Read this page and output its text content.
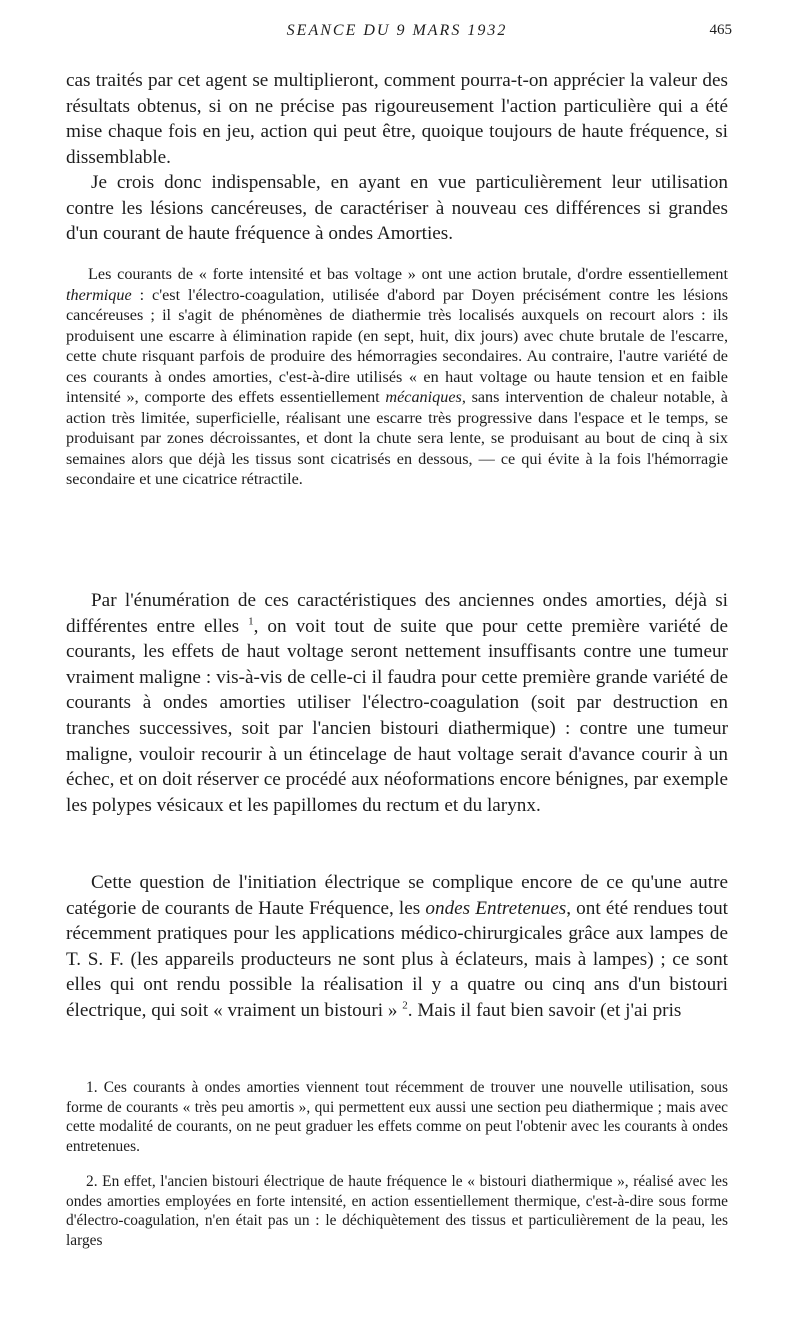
SEANCE DU 9 MARS 1932	465

cas traités par cet agent se multiplieront, comment pourra-t-on apprécier la valeur des résultats obtenus, si on ne précise pas rigoureusement l'action particulière qui a été mise chaque fois en jeu, action qui peut être, quoique toujours de haute fréquence, si dissemblable.

Je crois donc indispensable, en ayant en vue particulièrement leur utilisation contre les lésions cancéreuses, de caractériser à nouveau ces différences si grandes d'un courant de haute fréquence à ondes Amorties.

Les courants de « forte intensité et bas voltage » ont une action brutale, d'ordre essentiellement thermique : c'est l'électro-coagulation, utilisée d'abord par Doyen précisément contre les lésions cancéreuses ; il s'agit de phénomènes de diathermie très localisés auxquels on recourt alors : ils produisent une escarre à élimination rapide (en sept, huit, dix jours) avec chute brutale de l'escarre, cette chute risquant parfois de produire des hémorragies secondaires. Au contraire, l'autre variété de ces courants à ondes amorties, c'est-à-dire utilisés « en haut voltage ou haute tension et en faible intensité », comporte des effets essentiellement mécaniques, sans intervention de chaleur notable, à action très limitée, superficielle, réalisant une escarre très progressive dans l'espace et le temps, se produisant par zones décroissantes, et dont la chute sera lente, se produisant au bout de cinq à six semaines alors que déjà les tissus sont cicatrisés en dessous, — ce qui évite à la fois l'hémorragie secondaire et une cicatrice rétractile.

Par l'énumération de ces caractéristiques des anciennes ondes amorties, déjà si différentes entre elles $^1$, on voit tout de suite que pour cette première variété de courants, les effets de haut voltage seront nettement insuffisants contre une tumeur vraiment maligne : vis-à-vis de celle-ci il faudra pour cette première grande variété de courants à ondes amorties utiliser l'électro-coagulation (soit par destruction en tranches successives, soit par l'ancien bistouri diathermique) : contre une tumeur maligne, vouloir recourir à un étincelage de haut voltage serait d'avance courir à un échec, et on doit réserver ce procédé aux néoformations encore bénignes, par exemple les polypes vésicaux et les papillomes du rectum et du larynx.

Cette question de l'initiation électrique se complique encore de ce qu'une autre catégorie de courants de Haute Fréquence, les ondes Entretenues, ont été rendues tout récemment pratiques pour les applications médico-chirurgicales grâce aux lampes de T. S. F. (les appareils producteurs ne sont plus à éclateurs, mais à lampes) ; ce sont elles qui ont rendu possible la réalisation il y a quatre ou cinq ans d'un bistouri électrique, qui soit « vraiment un bistouri » $^2$. Mais il faut bien savoir (et j'ai pris

1. Ces courants à ondes amorties viennent tout récemment de trouver une nouvelle utilisation, sous forme de courants « très peu amortis », qui permettent eux aussi une section peu diathermique ; mais avec cette modalité de courants, on ne peut graduer les effets comme on peut l'obtenir avec les courants à ondes entretenues.

2. En effet, l'ancien bistouri électrique de haute fréquence le « bistouri diathermique », réalisé avec les ondes amorties employées en forte intensité, en action essentiellement thermique, c'est-à-dire sous forme d'électro-coagulation, n'en était pas un : le déchiquètement des tissus et particulièrement de la peau, les larges
